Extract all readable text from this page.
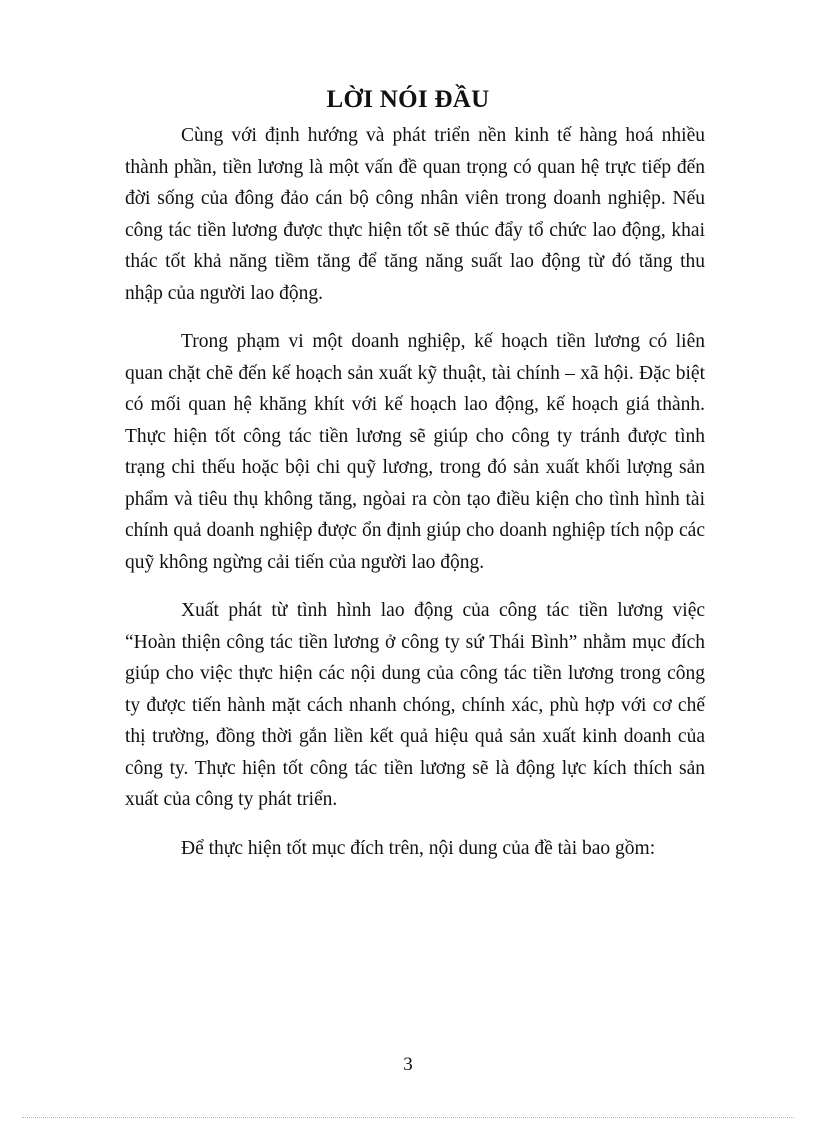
LỜI NÓI ĐẦU

Cùng với định hướng và phát triển nền kinh tế hàng hoá nhiều thành phần, tiền lương là một vấn đề quan trọng có quan hệ trực tiếp đến đời sống của đông đảo cán bộ công nhân viên trong doanh nghiệp. Nếu công tác tiền lương được thực hiện tốt sẽ thúc đẩy tổ chức lao động, khai thác tốt khả năng tiềm tăng để tăng năng suất lao động từ đó tăng thu nhập của người lao động.

Trong phạm vi một doanh nghiệp, kế hoạch tiền lương có liên quan chặt chẽ đến kế hoạch sản xuất kỹ thuật, tài chính – xã hội. Đặc biệt có mối quan hệ khăng khít với kế hoạch lao động, kế hoạch giá thành. Thực hiện tốt công tác tiền lương sẽ giúp cho công ty tránh được tình trạng chi thếu hoặc bội chi quỹ lương, trong đó sản xuất khối lượng sản phẩm và tiêu thụ không tăng, ngòai ra còn tạo điều kiện cho tình hình tài chính quả doanh nghiệp được ổn định giúp cho doanh nghiệp tích nộp các quỹ không ngừng cải tiến của người lao động.

Xuất phát từ tình hình lao động của công tác tiền lương việc “Hoàn thiện công tác tiền lương ở công ty sứ Thái Bình” nhằm mục đích giúp cho việc thực hiện các nội dung của công tác tiền lương trong công ty được tiến hành mặt cách nhanh chóng, chính xác, phù hợp với cơ chế thị trường, đồng thời gắn liền kết quả hiệu quả sản xuất kinh doanh của công ty. Thực hiện tốt công tác tiền lương sẽ là động lực kích thích sản xuất của công ty phát triển.

Để thực hiện tốt mục đích trên, nội dung của đề tài bao gồm:

3
